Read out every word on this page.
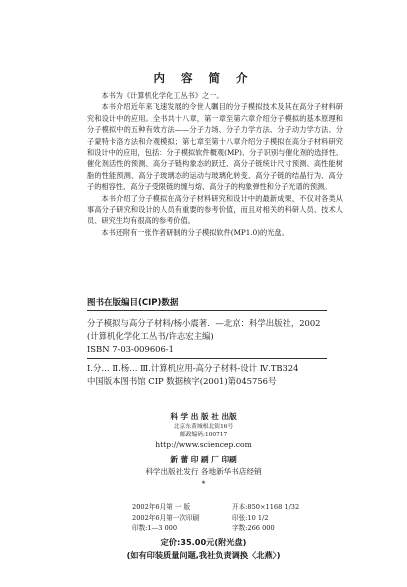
内 容 简 介

本书为《计算机化学化工丛书》之一。

本书介绍近年来飞速发展的令世人瞩目的分子模拟技术及其在高分子材料研究和设计中的应用。全书共十八章，第一章至第六章介绍分子模拟的基本原理和分子模拟中的五种有效方法——分子力场、分子力学方法、分子动力学方法、分子蒙特卡洛方法和介观模拟；第七章至第十八章介绍分子模拟在高分子材料研究和设计中的应用，包括：分子模拟软件概观(MP)、分子识别与催化剂的选择性、催化剂活性的预测、高分子链构象态的跃迁、高分子链统计尺寸预测、高性能树脂的性能预测、高分子玻璃态的运动与玻璃化转变、高分子链的结晶行为、高分子的相容性、高分子受限链的缠与熔、高分子的构象弹性和分子光谱的预测。

本书介绍了分子模拟在高分子材料研究和设计中的最新成果，不仅对各类从事高分子研究和设计的人员有重要的参考价值，而且对相关的科研人员、技术人员、研究生均有很高的参考价值。

本书还附有一张作者研制的分子模拟软件(MP1.0)的光盘。

图书在版编目(CIP)数据
分子模拟与高分子材料/杨小震著．—北京：科学出版社，2002
(计算机化学化工丛书/许志宏主编)
ISBN 7-03-009606-1
Ⅰ.分… Ⅱ.杨… Ⅲ.计算机应用-高分子材料-设计 Ⅳ.TB324
中国版本图书馆 CIP 数据核字(2001)第045756号
科 学 出 版 社 出版
北京东黄城根北街16号
邮政编码:100717
http://www.sciencep.com
新 蕾 印 刷 厂 印刷
科学出版社发行 各地新华书店经销
*
2002年6月第 一 版	开本:850×1168 1/32
2002年6月第一次印刷	印张:10 1/2
印数:1—3 000	字数:266 000
定价:35.00元(附光盘)
(如有印装质量问题,我社负责调换〈北燕〉)
